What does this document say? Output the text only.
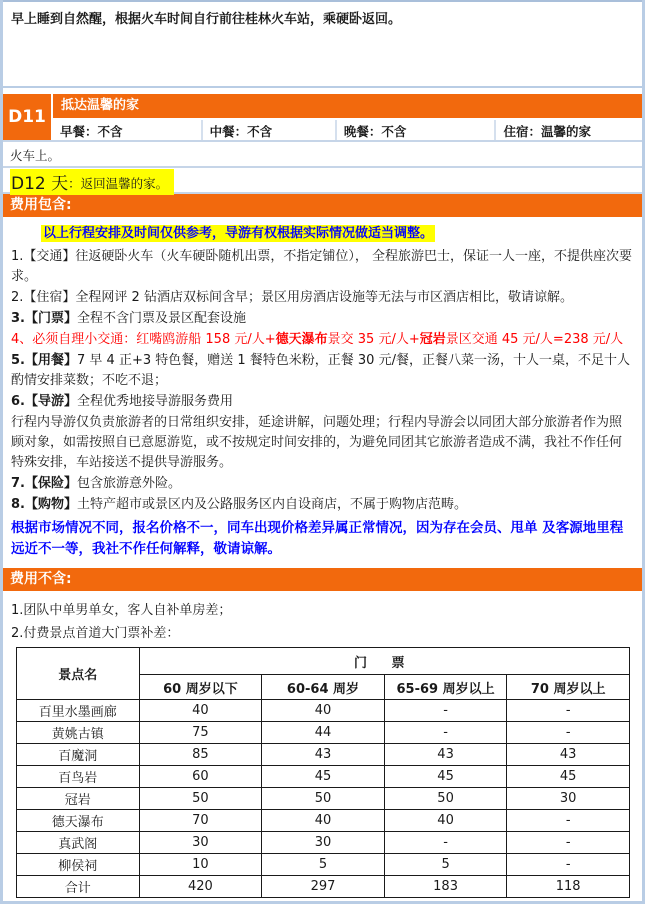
早上睡到自然醒，根据火车时间自行前往桂林火车站，乘硬卧返回。
D11
抵达温馨的家
早餐：不含	中餐：不含	晚餐：不含	住宿：温馨的家
火车上。
D12 天：返回温馨的家。
费用包含:

以上行程安排及时间仅供参考，导游有权根据实际情况做适当调整。

1.【交通】往返硬卧火车（火车硬卧随机出票，不指定铺位）， 全程旅游巴士，保证一人一座，不提供座次要求。

2.【住宿】全程网评 2 钻酒店双标间含早；景区用房酒店设施等无法与市区酒店相比，敬请谅解。

3.【门票】全程不含门票及景区配套设施

4、必须自理小交通：红嘴鸥游船 158 元/人+德天瀑布景交 35 元/人+冠岩景区交通 45 元/人=238 元/人

5.【用餐】7 早 4 正+3 特色餐，赠送 1 餐特色米粉，正餐 30 元/餐，正餐八菜一汤，十人一桌，不足十人酌情安排菜数；不吃不退；

6.【导游】全程优秀地接导游服务费用

行程内导游仅负责旅游者的日常组织安排，延途讲解，问题处理；行程内导游会以同团大部分旅游者作为照顾对象，如需按照自已意愿游览，或不按规定时间安排的，为避免同团其它旅游者造成不满，我社不作任何特殊安排，车站接送不提供导游服务。

7.【保险】包含旅游意外险。

8.【购物】土特产超市或景区内及公路服务区内自设商店，不属于购物店范畴。

根据市场情况不同，报名价格不一，同车出现价格差异属正常情况，因为存在会员、甩单 及客源地里程远近不一等，我社不作任何解释，敬请谅解。

费用不含:

1.团队中单男单女，客人自补单房差；

2.付费景点首道大门票补差：

景点名	门 票			
	60 周岁以下	60-64 周岁	65-69 周岁以上	70 周岁以上
百里水墨画廊	40	40	-	-
黄姚古镇	75	44	-	-
百魔洞	85	43	43	43
百鸟岩	60	45	45	45
冠岩	50	50	50	30
德天瀑布	70	40	40	-
真武阁	30	30	-	-
柳侯祠	10	5	5	-
合计	420	297	183	118
